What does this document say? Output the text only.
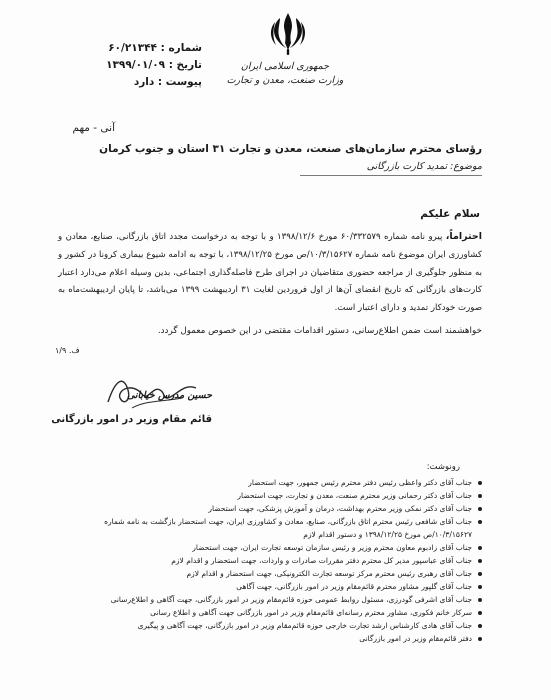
شماره : ۶۰/۲۱۳۴۴
تاریخ : ۱۳۹۹/۰۱/۰۹
پیوست : دارد
جمهوری اسلامی ایران
وزارت صنعت، معدن و تجارت
آنی - مهم
رؤسای محترم سازمان‌های صنعت، معدن و تجارت ۳۱ استان و جنوب کرمان
موضوع: تمدید کارت بازرگانی
سلام علیکم
احتراماً، پیرو نامه شماره ۶۰/۳۳۲۵۷۹ مورخ ۱۳۹۸/۱۲/۶ و با توجه به درخواست مجدد اتاق بازرگانی، صنایع، معادن و کشاورزی ایران موضوع نامه شماره ۱۰/۳/۱۵۶۲۷/ص مورخ ۱۳۹۸/۱۲/۲۵، با توجه به ادامه شیوع بیماری کرونا در کشور و به منظور جلوگیری از مراجعه حضوری متقاضیان در اجرای طرح فاصله‌گذاری اجتماعی، بدین وسیله اعلام می‌دارد اعتبار کارت‌های بازرگانی که تاریخ انقضای آن‌ها از اول فروردین لغایت ۳۱ اردیبهشت ۱۳۹۹ می‌باشد، تا پایان اردیبهشت‌ماه به صورت خودکار تمدید و دارای اعتبار است.
خواهشمند است ضمن اطلاع‌رسانی، دستور اقدامات مقتضی در این خصوص معمول گردد.
ف. ۱/۹
حسین مدرس خیابانی
قائم مقام وزیر در امور بازرگانی
رونوشت:
جناب آقای دکتر واعظی رئیس دفتر محترم رئیس جمهور، جهت استحضار
جناب آقای دکتر رحمانی وزیر محترم صنعت، معدن و تجارت، جهت استحضار
جناب آقای دکتر نمکی وزیر محترم بهداشت، درمان و آموزش پزشکی، جهت استحضار
جناب آقای شافعی رئیس محترم اتاق بازرگانی، صنایع، معادن و کشاورزی ایران، جهت استحضار بازگشت به نامه شماره ۱۰/۳/۱۵۶۲۷/ص مورخ ۱۳۹۸/۱۲/۲۵ و دستور اقدام لازم
جناب آقای زادبوم معاون محترم وزیر و رئیس سازمان توسعه تجارت ایران، جهت استحضار
جناب آقای عباسپور مدیر کل محترم دفتر مقررات صادرات و واردات، جهت استحضار و اقدام لازم
جناب آقای رهبری رئیس محترم مرکز توسعه تجارت الکترونیکی، جهت استحضار و اقدام لازم
جناب آقای گلپور مشاور محترم قائم‌مقام وزیر در امور بازرگانی، جهت آگاهی
جناب آقای اشرفی گودرزی، مسئول روابط عمومی حوزه قائم‌مقام وزیر در امور بازرگانی، جهت آگاهی و اطلاع‌رسانی
سرکار خانم فکوری، مشاور محترم رسانه‌ای قائم‌مقام وزیر در امور بازرگانی جهت آگاهی و اطلاع رسانی
جناب آقای هادی کارشناس ارشد تجارت خارجی حوزه قائم‌مقام وزیر در امور بازرگانی، جهت آگاهی و پیگیری
دفتر قائم‌مقام وزیر در امور بازرگانی
